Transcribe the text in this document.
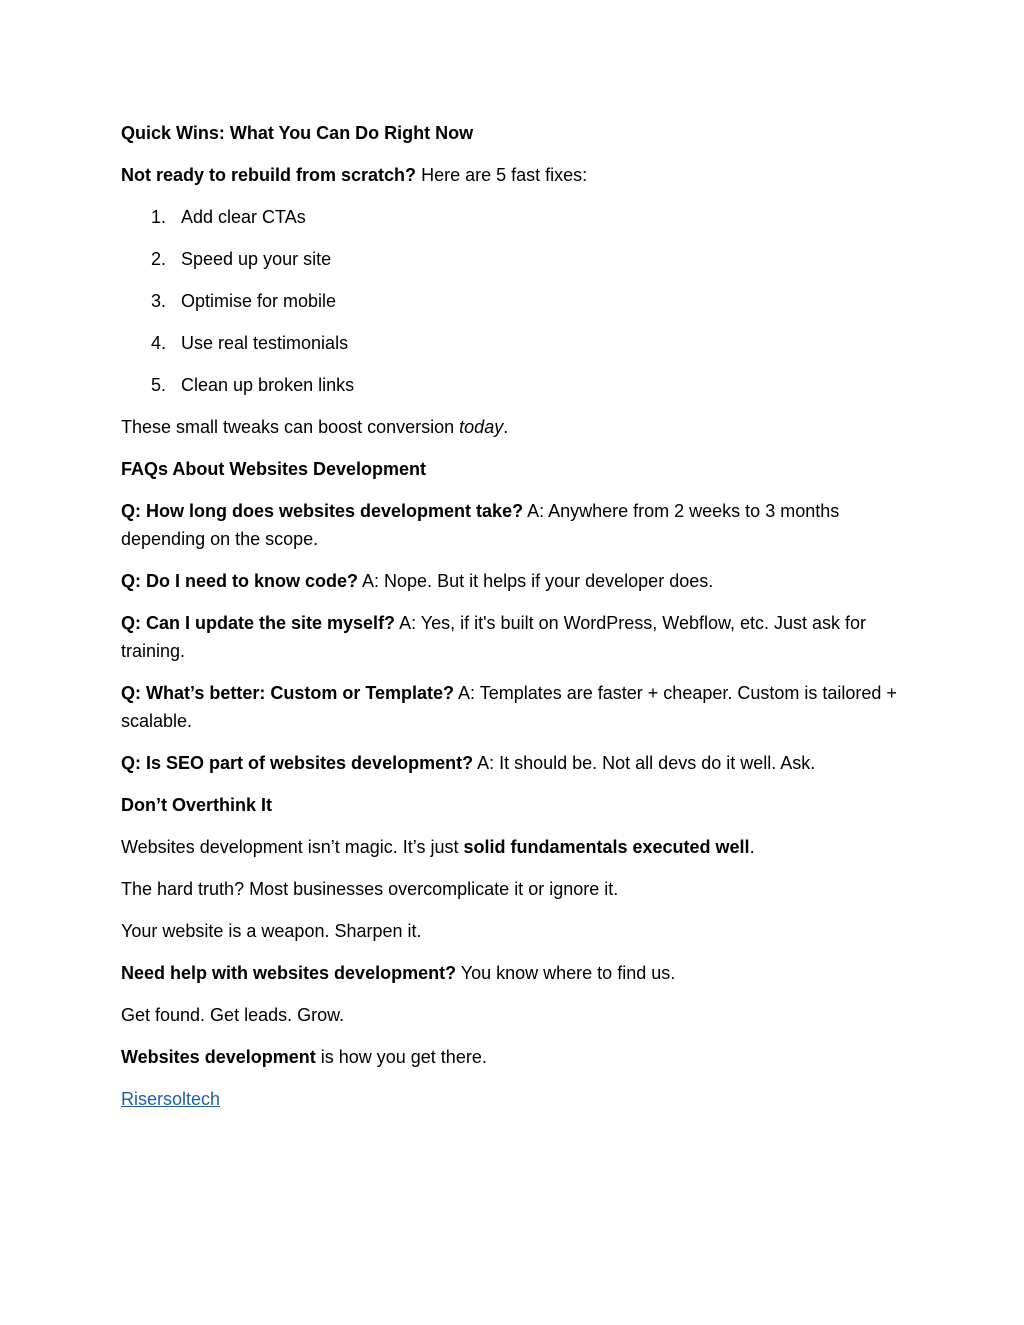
Quick Wins: What You Can Do Right Now

Not ready to rebuild from scratch? Here are 5 fast fixes:

1. Add clear CTAs
2. Speed up your site
3. Optimise for mobile
4. Use real testimonials
5. Clean up broken links

These small tweaks can boost conversion today.

FAQs About Websites Development

Q: How long does websites development take? A: Anywhere from 2 weeks to 3 months depending on the scope.

Q: Do I need to know code? A: Nope. But it helps if your developer does.

Q: Can I update the site myself? A: Yes, if it's built on WordPress, Webflow, etc. Just ask for training.

Q: What’s better: Custom or Template? A: Templates are faster + cheaper. Custom is tailored + scalable.

Q: Is SEO part of websites development? A: It should be. Not all devs do it well. Ask.

Don’t Overthink It

Websites development isn’t magic. It’s just solid fundamentals executed well.

The hard truth? Most businesses overcomplicate it or ignore it.

Your website is a weapon. Sharpen it.

Need help with websites development? You know where to find us.

Get found. Get leads. Grow.

Websites development is how you get there.

Risersoltech
